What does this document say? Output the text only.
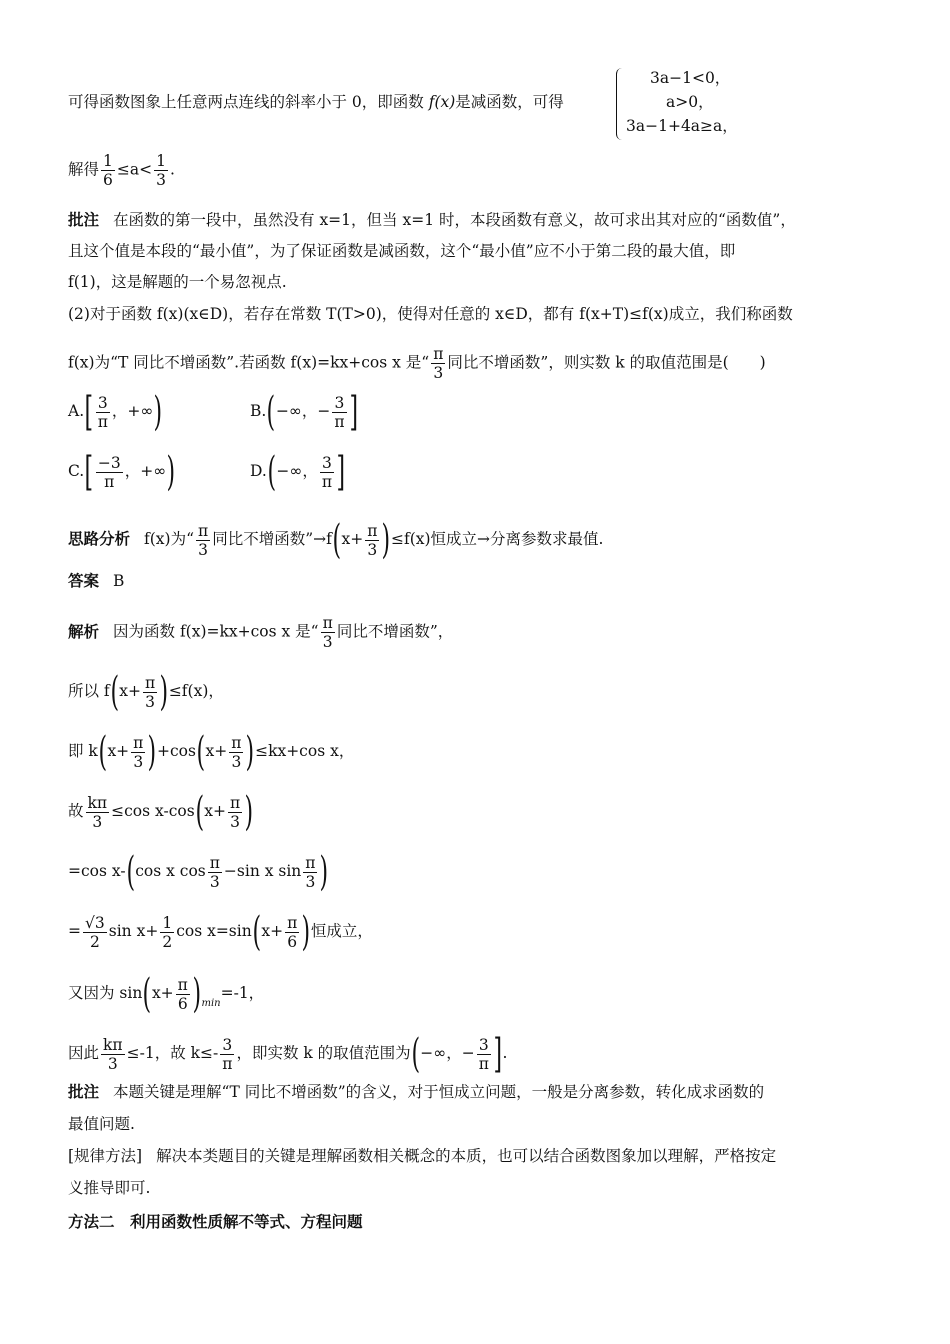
可得函数图象上任意两点连线的斜率小于 0，即函数 f(x)是减函数，可得
3a−1<0，
a>0，
3a−1+4a≥a，
解得 $\frac{1}{6} \le a< \frac{1}{3}$ .
批注 在函数的第一段中，虽然没有 x=1，但当 x=1 时，本段函数有意义，故可求出其对应的“函数值”，
且这个值是本段的“最小值”，为了保证函数是减函数，这个“最小值”应不小于第二段的最大值，即
f(1)，这是解题的一个易忽视点.
(2)对于函数 f(x)(x∈D)，若存在常数 T(T>0)，使得对任意的 x∈D，都有 f(x+T)≤f(x)成立，我们称函数
f(x)为“T 同比不增函数”.若函数 f(x)=kx+cos x 是“ $\frac{\pi}{3}$ 同比不增函数”，则实数 k 的取值范围是(　　)
$A.[ \frac{3}{\pi}$ ，+∞)	B.(−∞，− $\frac{3}{\pi}$ ]
$C.[ \frac{-3}{\pi}$ ，+∞)	D.(−∞， $\frac{3}{\pi}$ ]
思路分析 f(x)为“ $\frac{\pi}{3}$ 同比不增函数”→f(x+ $\frac{\pi}{3} )\le f(x)$恒成立→分离参数求最值.
答案 B
解析 因为函数 f(x)=kx+cos x 是“ $\frac{\pi}{3}$ 同比不增函数”，
所以 $f(x+ \frac{\pi}{3} )\le f(x)$，
即 $k(x+ \frac{\pi}{3} )+\cos(x+ \frac{\pi}{3} )\le kx+\cos$ x，
故 $\frac{k\pi}{3} \le\cos$ $x-\cos(x+ \frac{\pi}{3}$ )
=cos x-(cos x $\cos \frac{\pi}{3} -\sin$ x $\sin \frac{\pi}{3}$ )
= $\frac{√3}{2}$ $\sin x+ \frac{1}{2}$ $\cos x=\sin(x+ \frac{\pi}{6}$ )恒成立，
又因为 $\sin(x+ \frac{\pi}{6} )_{min}=-1$，
因此 $\frac{k\pi}{3} \le-1$，故 $k\le- \frac{3}{\pi}$ ，即实数 k 的取值范围为(−∞，− $\frac{3}{\pi}$ ].
批注 本题关键是理解“T 同比不增函数”的含义，对于恒成立问题，一般是分离参数，转化成求函数的
最值问题.
[规律方法] 解决本类题目的关键是理解函数相关概念的本质，也可以结合函数图象加以理解，严格按定
义推导即可.
方法二　利用函数性质解不等式、方程问题
